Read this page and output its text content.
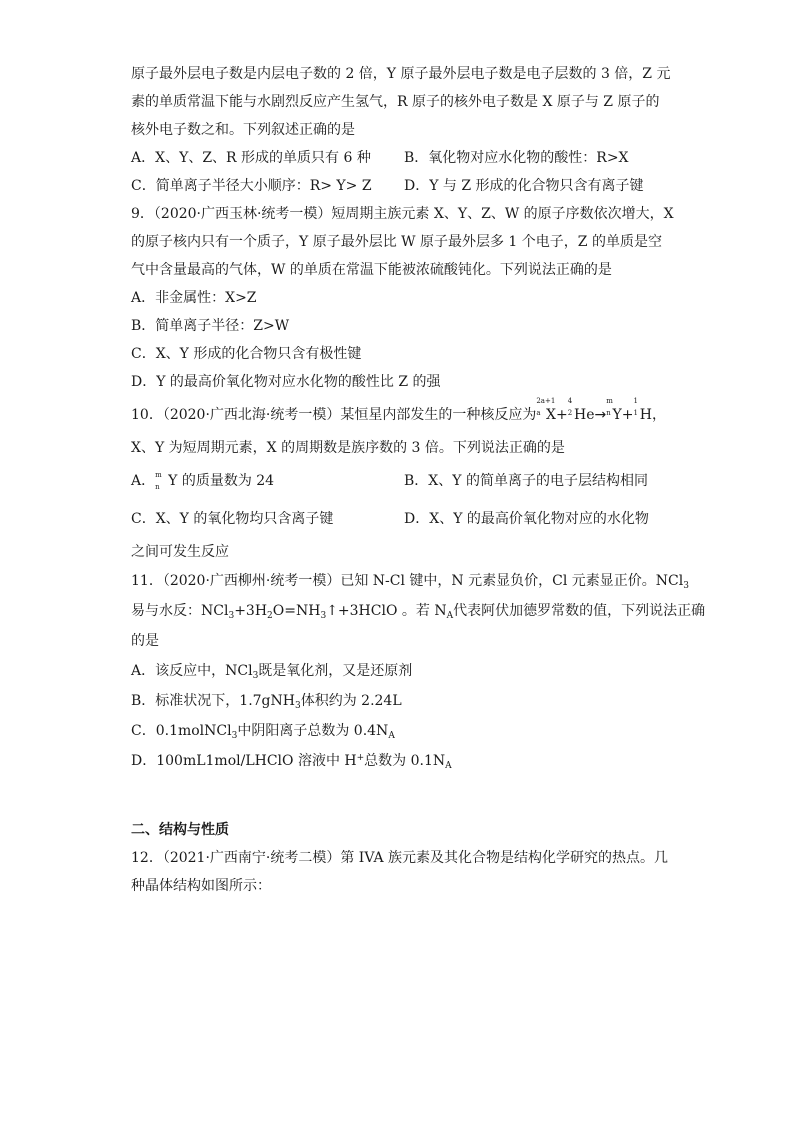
原子最外层电子数是内层电子数的 2 倍，Y 原子最外层电子数是电子层数的 3 倍，Z 元
素的单质常温下能与水剧烈反应产生氢气，R 原子的核外电子数是 X 原子与 Z 原子的
核外电子数之和。下列叙述正确的是
A．X、Y、Z、R 形成的单质只有 6 种	B．氧化物对应水化物的酸性：R>X
C．简单离子半径大小顺序：R> Y> Z	D．Y 与 Z 形成的化合物只含有离子键
9．（2020·广西玉林·统考一模）短周期主族元素 X、Y、Z、W 的原子序数依次增大，X
的原子核内只有一个质子，Y 原子最外层比 W 原子最外层多 1 个电子，Z 的单质是空
气中含量最高的气体，W 的单质在常温下能被浓硫酸钝化。下列说法正确的是
A．非金属性：X>Z
B．简单离子半径：Z>W
C．X、Y 形成的化合物只含有极性键
D．Y 的最高价氧化物对应水化物的酸性比 Z 的强
10．（2020·广西北海·统考一模）某恒星内部发生的一种核反应为
2a+1
a X +
4
2 He →
m
n Y +
1
1 H ，
X、Y 为短周期元素，X 的周期数是族序数的 3 倍。下列说法正确的是
A． m
n Y 的质量数为 24	B．X、Y 的简单离子的电子层结构相同
C．X、Y 的氧化物均只含离子键	D．X、Y 的最高价氧化物对应的水化物
之间可发生反应
11．（2020·广西柳州·统考一模）已知 N-Cl 键中，N 元素显负价，Cl 元素显正价。NCl$_3$
易与水反：$NCl_3+3H_2O=NH_3↑+3HClO$ 。若 $N_A$代表阿伏加德罗常数的值，下列说法正确
的是
A．该反应中，NCl$_3$既是氧化剂，又是还原剂
B．标准状况下，1.7gNH$_3$体积约为 2.24L
C．0.1molNCl$_3$中阴阳离子总数为 $0.4N_A$
D．100mL1mol/LHClO 溶液中 H+总数为 $0.1N_A$
二、结构与性质
12．（2021·广西南宁·统考二模）第 IVA 族元素及其化合物是结构化学研究的热点。几
种晶体结构如图所示：
